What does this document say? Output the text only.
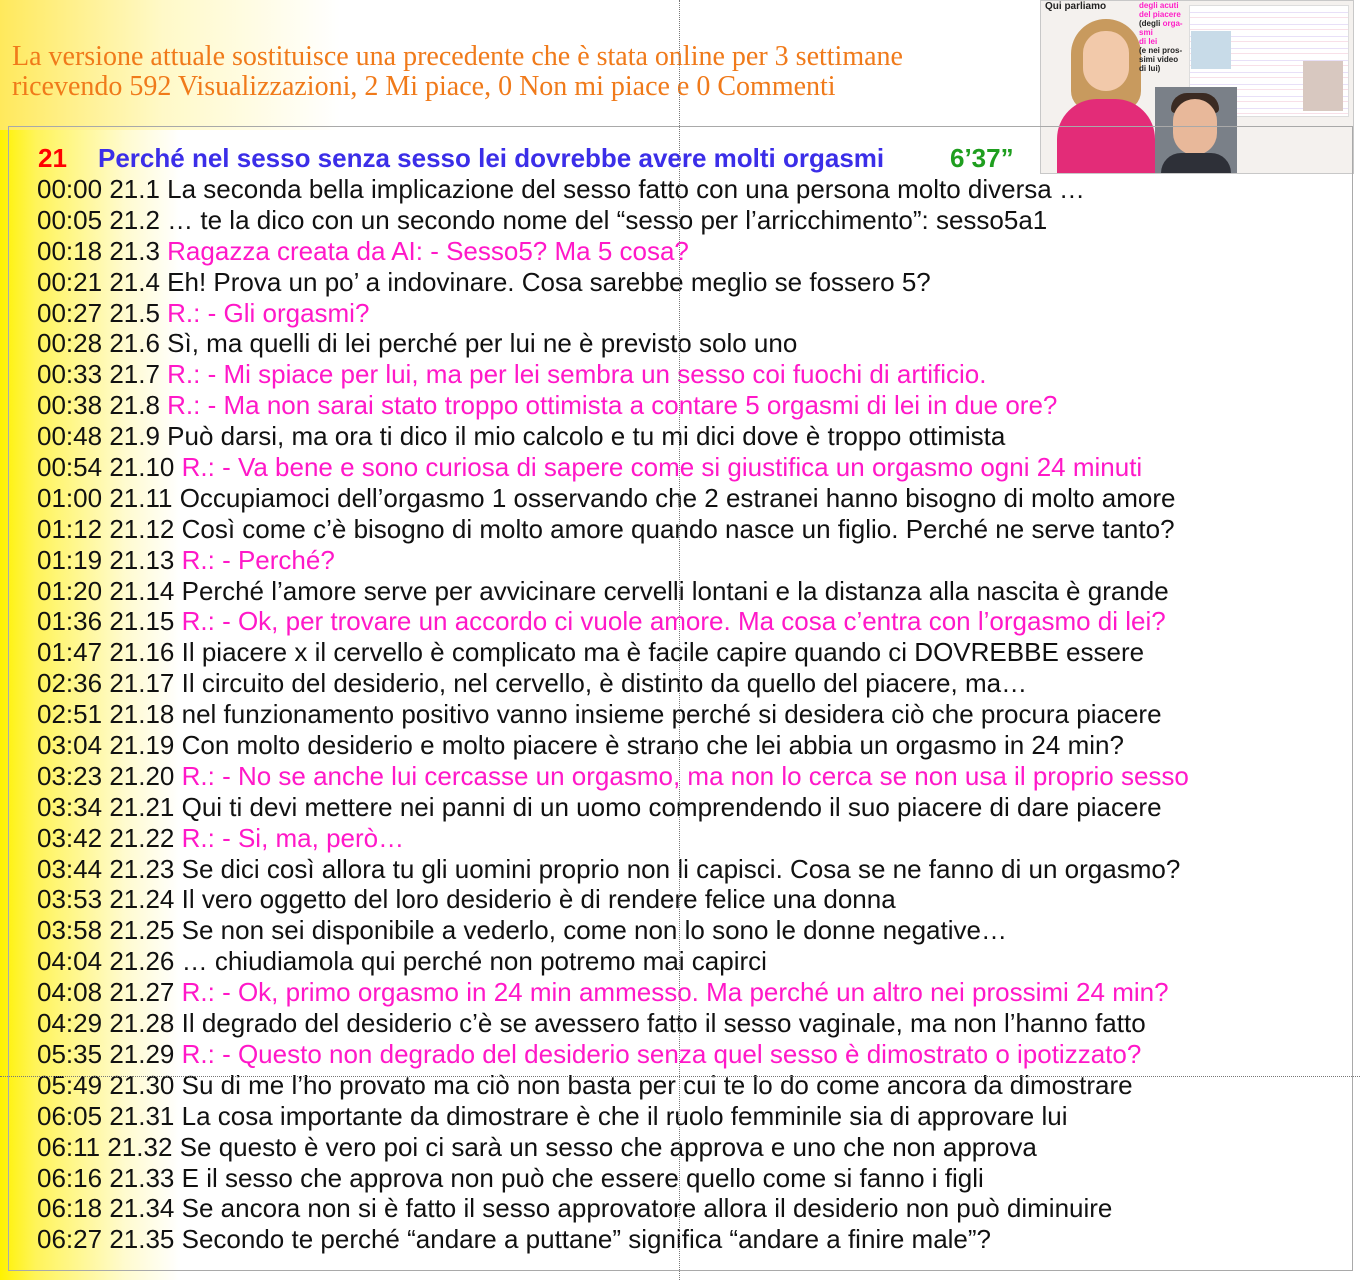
La versione attuale sostituisce una precedente che è stata online per 3 settimane
ricevendo 592 Visualizzazioni, 2 Mi piace, 0 Non mi piace e 0 Commenti
Qui parliamo	degli acuti
del piacere
(degli orga-
smi
di lei
(e nei pros-
simi video
di lui)
21 Perché nel sesso senza sesso lei dovrebbe avere molti orgasmi	6’37”
00:00 21.1 La seconda bella implicazione del sesso fatto con una persona molto diversa …
00:05 21.2 … te la dico con un secondo nome del “sesso per l’arricchimento”: sesso5a1
00:18 21.3 Ragazza creata da AI: - Sesso5? Ma 5 cosa?
00:21 21.4 Eh! Prova un po’ a indovinare. Cosa sarebbe meglio se fossero 5?
00:27 21.5 R.: - Gli orgasmi?
00:28 21.6 Sì, ma quelli di lei perché per lui ne è previsto solo uno
00:33 21.7 R.: - Mi spiace per lui, ma per lei sembra un sesso coi fuochi di artificio.
00:38 21.8 R.: - Ma non sarai stato troppo ottimista a contare 5 orgasmi di lei in due ore?
00:48 21.9 Può darsi, ma ora ti dico il mio calcolo e tu mi dici dove è troppo ottimista
00:54 21.10 R.: - Va bene e sono curiosa di sapere come si giustifica un orgasmo ogni 24 minuti
01:00 21.11 Occupiamoci dell’orgasmo 1 osservando che 2 estranei hanno bisogno di molto amore
01:12 21.12 Così come c’è bisogno di molto amore quando nasce un figlio. Perché ne serve tanto?
01:19 21.13 R.: - Perché?
01:20 21.14 Perché l’amore serve per avvicinare cervelli lontani e la distanza alla nascita è grande
01:36 21.15 R.: - Ok, per trovare un accordo ci vuole amore. Ma cosa c’entra con l’orgasmo di lei?
01:47 21.16 Il piacere x il cervello è complicato ma è facile capire quando ci DOVREBBE essere
02:36 21.17 Il circuito del desiderio, nel cervello, è distinto da quello del piacere, ma…
02:51 21.18 nel funzionamento positivo vanno insieme perché si desidera ciò che procura piacere
03:04 21.19 Con molto desiderio e molto piacere è strano che lei abbia un orgasmo in 24 min?
03:23 21.20 R.: - No se anche lui cercasse un orgasmo, ma non lo cerca se non usa il proprio sesso
03:34 21.21 Qui ti devi mettere nei panni di un uomo comprendendo il suo piacere di dare piacere
03:42 21.22 R.: - Si, ma, però…
03:44 21.23 Se dici così allora tu gli uomini proprio non li capisci. Cosa se ne fanno di un orgasmo?
03:53 21.24 Il vero oggetto del loro desiderio è di rendere felice una donna
03:58 21.25 Se non sei disponibile a vederlo, come non lo sono le donne negative…
04:04 21.26 … chiudiamola qui perché non potremo mai capirci
04:08 21.27 R.: - Ok, primo orgasmo in 24 min ammesso. Ma perché un altro nei prossimi 24 min?
04:29 21.28 Il degrado del desiderio c’è se avessero fatto il sesso vaginale, ma non l’hanno fatto
05:35 21.29 R.: - Questo non degrado del desiderio senza quel sesso è dimostrato o ipotizzato?
05:49 21.30 Su di me l’ho provato ma ciò non basta per cui te lo do come ancora da dimostrare
06:05 21.31 La cosa importante da dimostrare è che il ruolo femminile sia di approvare lui
06:11 21.32 Se questo è vero poi ci sarà un sesso che approva e uno che non approva
06:16 21.33 E il sesso che approva non può che essere quello come si fanno i figli
06:18 21.34 Se ancora non si è fatto il sesso approvatore allora il desiderio non può diminuire
06:27 21.35 Secondo te perché “andare a puttane” significa “andare a finire male”?
